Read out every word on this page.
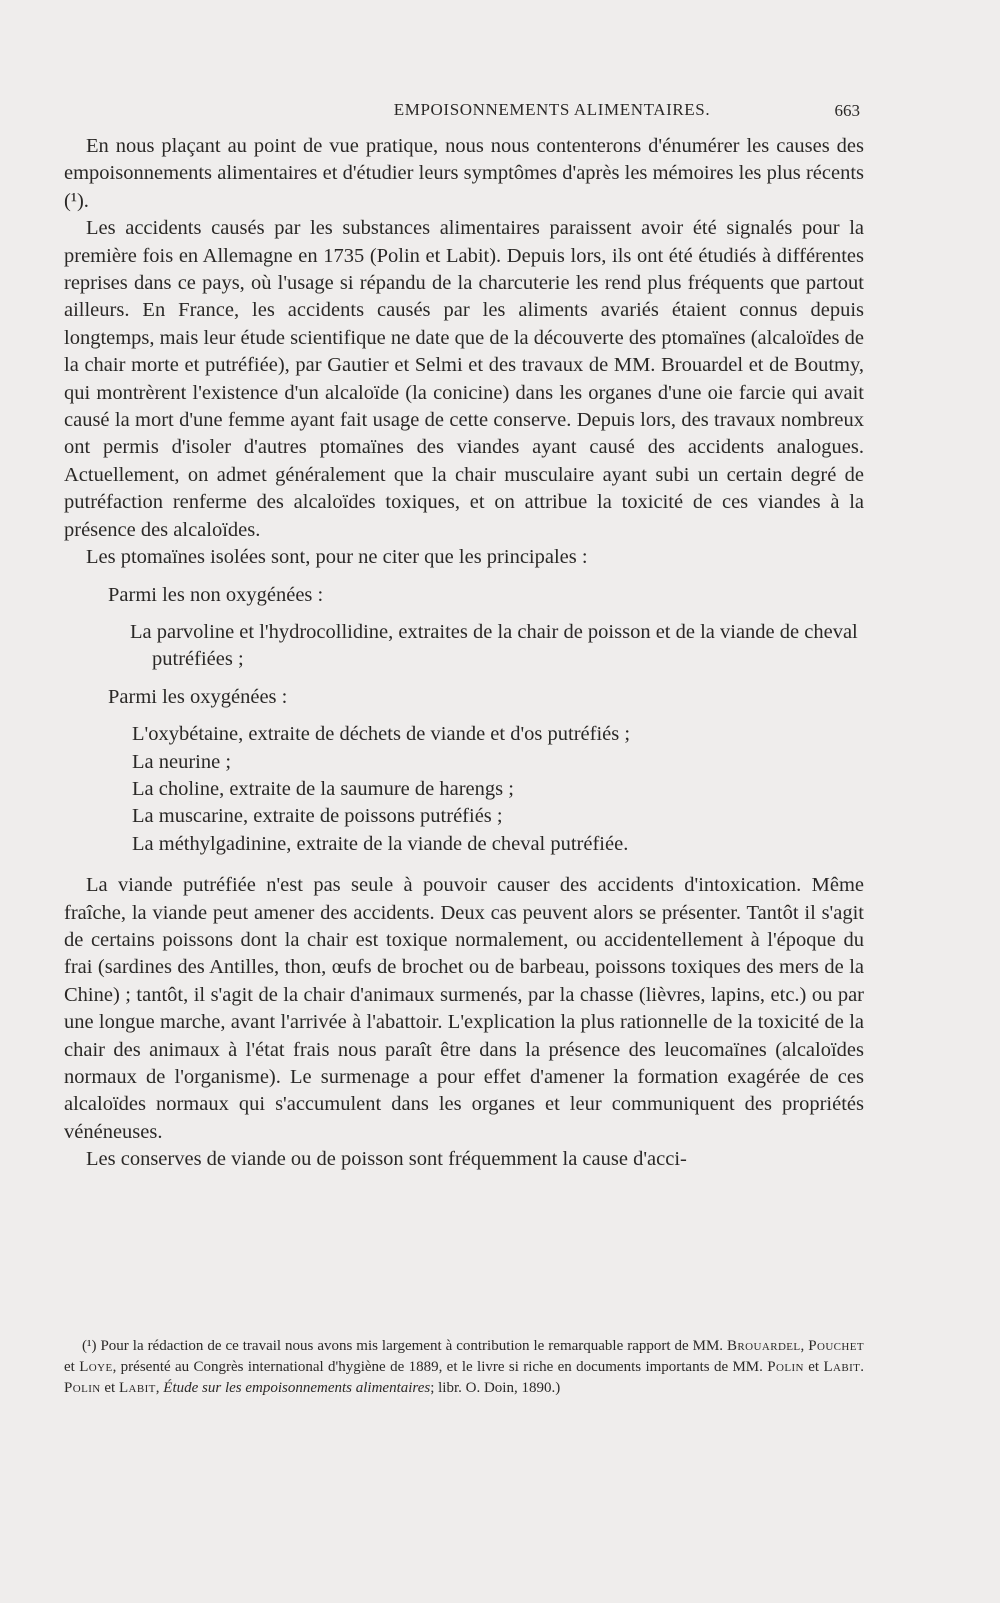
EMPOISONNEMENTS ALIMENTAIRES.	663

En nous plaçant au point de vue pratique, nous nous contenterons d'énumérer les causes des empoisonnements alimentaires et d'étudier leurs symptômes d'après les mémoires les plus récents (¹).

Les accidents causés par les substances alimentaires paraissent avoir été signalés pour la première fois en Allemagne en 1735 (Polin et Labit). Depuis lors, ils ont été étudiés à différentes reprises dans ce pays, où l'usage si répandu de la charcuterie les rend plus fréquents que partout ailleurs. En France, les accidents causés par les aliments avariés étaient connus depuis longtemps, mais leur étude scientifique ne date que de la découverte des ptomaïnes (alcaloïdes de la chair morte et putréfiée), par Gautier et Selmi et des travaux de MM. Brouardel et de Boutmy, qui montrèrent l'existence d'un alcaloïde (la conicine) dans les organes d'une oie farcie qui avait causé la mort d'une femme ayant fait usage de cette conserve. Depuis lors, des travaux nombreux ont permis d'isoler d'autres ptomaïnes des viandes ayant causé des accidents analogues. Actuellement, on admet généralement que la chair musculaire ayant subi un certain degré de putréfaction renferme des alcaloïdes toxiques, et on attribue la toxicité de ces viandes à la présence des alcaloïdes.

Les ptomaïnes isolées sont, pour ne citer que les principales :

Parmi les non oxygénées :

La parvoline et l'hydrocollidine, extraites de la chair de poisson et de la viande de cheval putréfiées ;

Parmi les oxygénées :

L'oxybétaine, extraite de déchets de viande et d'os putréfiés ;
La neurine ;
La choline, extraite de la saumure de harengs ;
La muscarine, extraite de poissons putréfiés ;
La méthylgadinine, extraite de la viande de cheval putréfiée.

La viande putréfiée n'est pas seule à pouvoir causer des accidents d'intoxication. Même fraîche, la viande peut amener des accidents. Deux cas peuvent alors se présenter. Tantôt il s'agit de certains poissons dont la chair est toxique normalement, ou accidentellement à l'époque du frai (sardines des Antilles, thon, œufs de brochet ou de barbeau, poissons toxiques des mers de la Chine) ; tantôt, il s'agit de la chair d'animaux surmenés, par la chasse (lièvres, lapins, etc.) ou par une longue marche, avant l'arrivée à l'abattoir. L'explication la plus rationnelle de la toxicité de la chair des animaux à l'état frais nous paraît être dans la présence des leucomaïnes (alcaloïdes normaux de l'organisme). Le surmenage a pour effet d'amener la formation exagérée de ces alcaloïdes normaux qui s'accumulent dans les organes et leur communiquent des propriétés vénéneuses.

Les conserves de viande ou de poisson sont fréquemment la cause d'acci-

(¹) Pour la rédaction de ce travail nous avons mis largement à contribution le remarquable rapport de MM. Brouardel, Pouchet et Loye, présenté au Congrès international d'hygiène de 1889, et le livre si riche en documents importants de MM. Polin et Labit. Polin et Labit, Étude sur les empoisonnements alimentaires; libr. O. Doin, 1890.)
